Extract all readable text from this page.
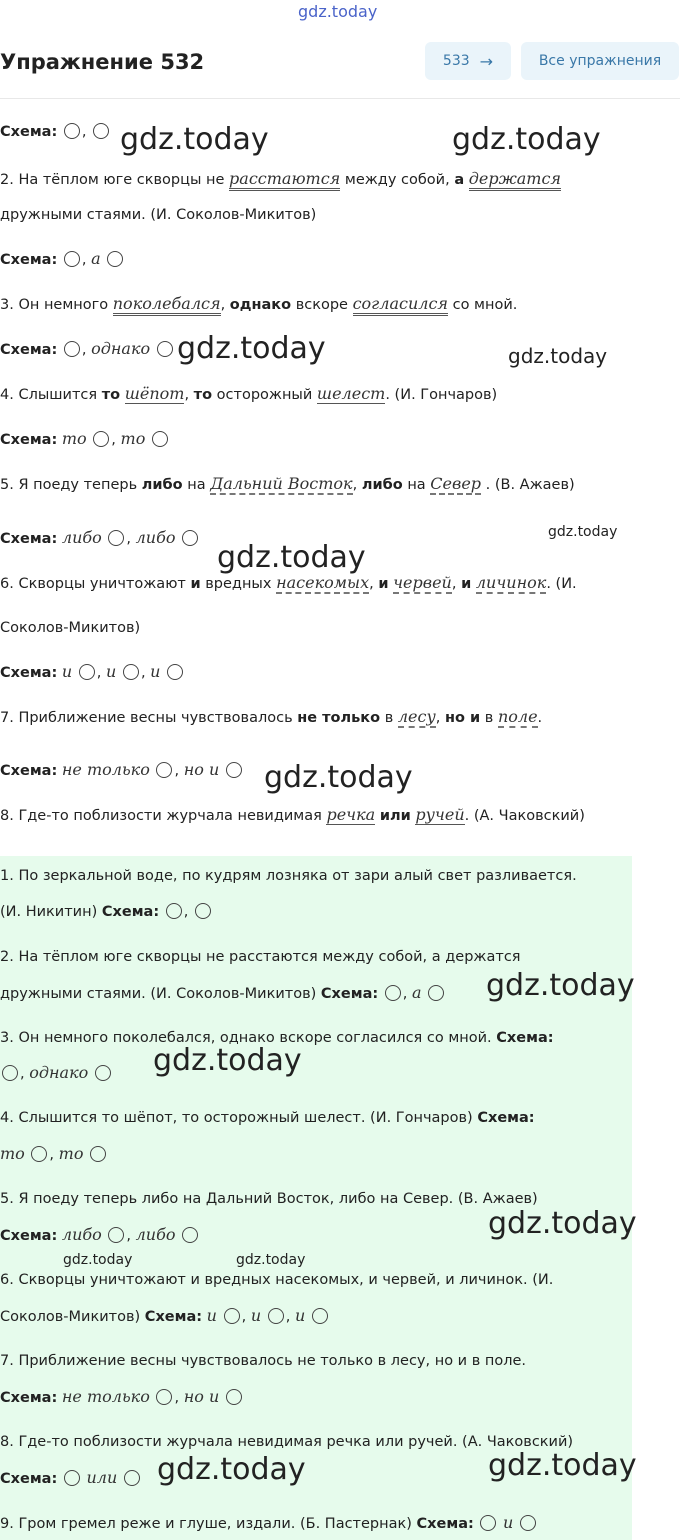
gdz.today
Упражнение 532	533 →	Все упражнения
Схема: ,
2. На тёплом юге скворцы не расстаются между собой, а держатся
дружными стаями. (И. Соколов-Микитов)
Схема: , а
3. Он немного поколебался, однако вскоре согласился со мной.
Схема: , однако
4. Слышится то шёпот, то осторожный шелест. (И. Гончаров)
Схема: то , то
5. Я поеду теперь либо на Дальний Восток, либо на Север . (В. Ажаев)
Схема: либо , либо
6. Скворцы уничтожают и вредных насекомых, и червей, и личинок. (И.
Соколов-Микитов)
Схема: и , и , и
7. Приближение весны чувствовалось не только в лесу, но и в поле.
Схема: не только , но и
8. Где-то поблизости журчала невидимая речка или ручей. (А. Чаковский)
1. По зеркальной воде, по кудрям лозняка от зари алый свет разливается.
(И. Никитин) Схема: ,
2. На тёплом юге скворцы не расстаются между собой, а держатся
дружными стаями. (И. Соколов-Микитов) Схема: , а
3. Он немного поколебался, однако вскоре согласился со мной. Схема:
, однако
4. Слышится то шёпот, то осторожный шелест. (И. Гончаров) Схема:
то , то
5. Я поеду теперь либо на Дальний Восток, либо на Север. (В. Ажаев)
Схема: либо , либо
6. Скворцы уничтожают и вредных насекомых, и червей, и личинок. (И.
Соколов-Микитов) Схема: и , и , и
7. Приближение весны чувствовалось не только в лесу, но и в поле.
Схема: не только , но и
8. Где-то поблизости журчала невидимая речка или ручей. (А. Чаковский)
Схема: или
9. Гром гремел реже и глуше, издали. (Б. Пастернак) Схема: и
gdz.today	gdz.today
gdz.today	gdz.today
gdz.today
gdz.today
gdz.today
gdz.today
gdz.today
gdz.today
gdz.today	gdz.today
gdz.today	gdz.today
